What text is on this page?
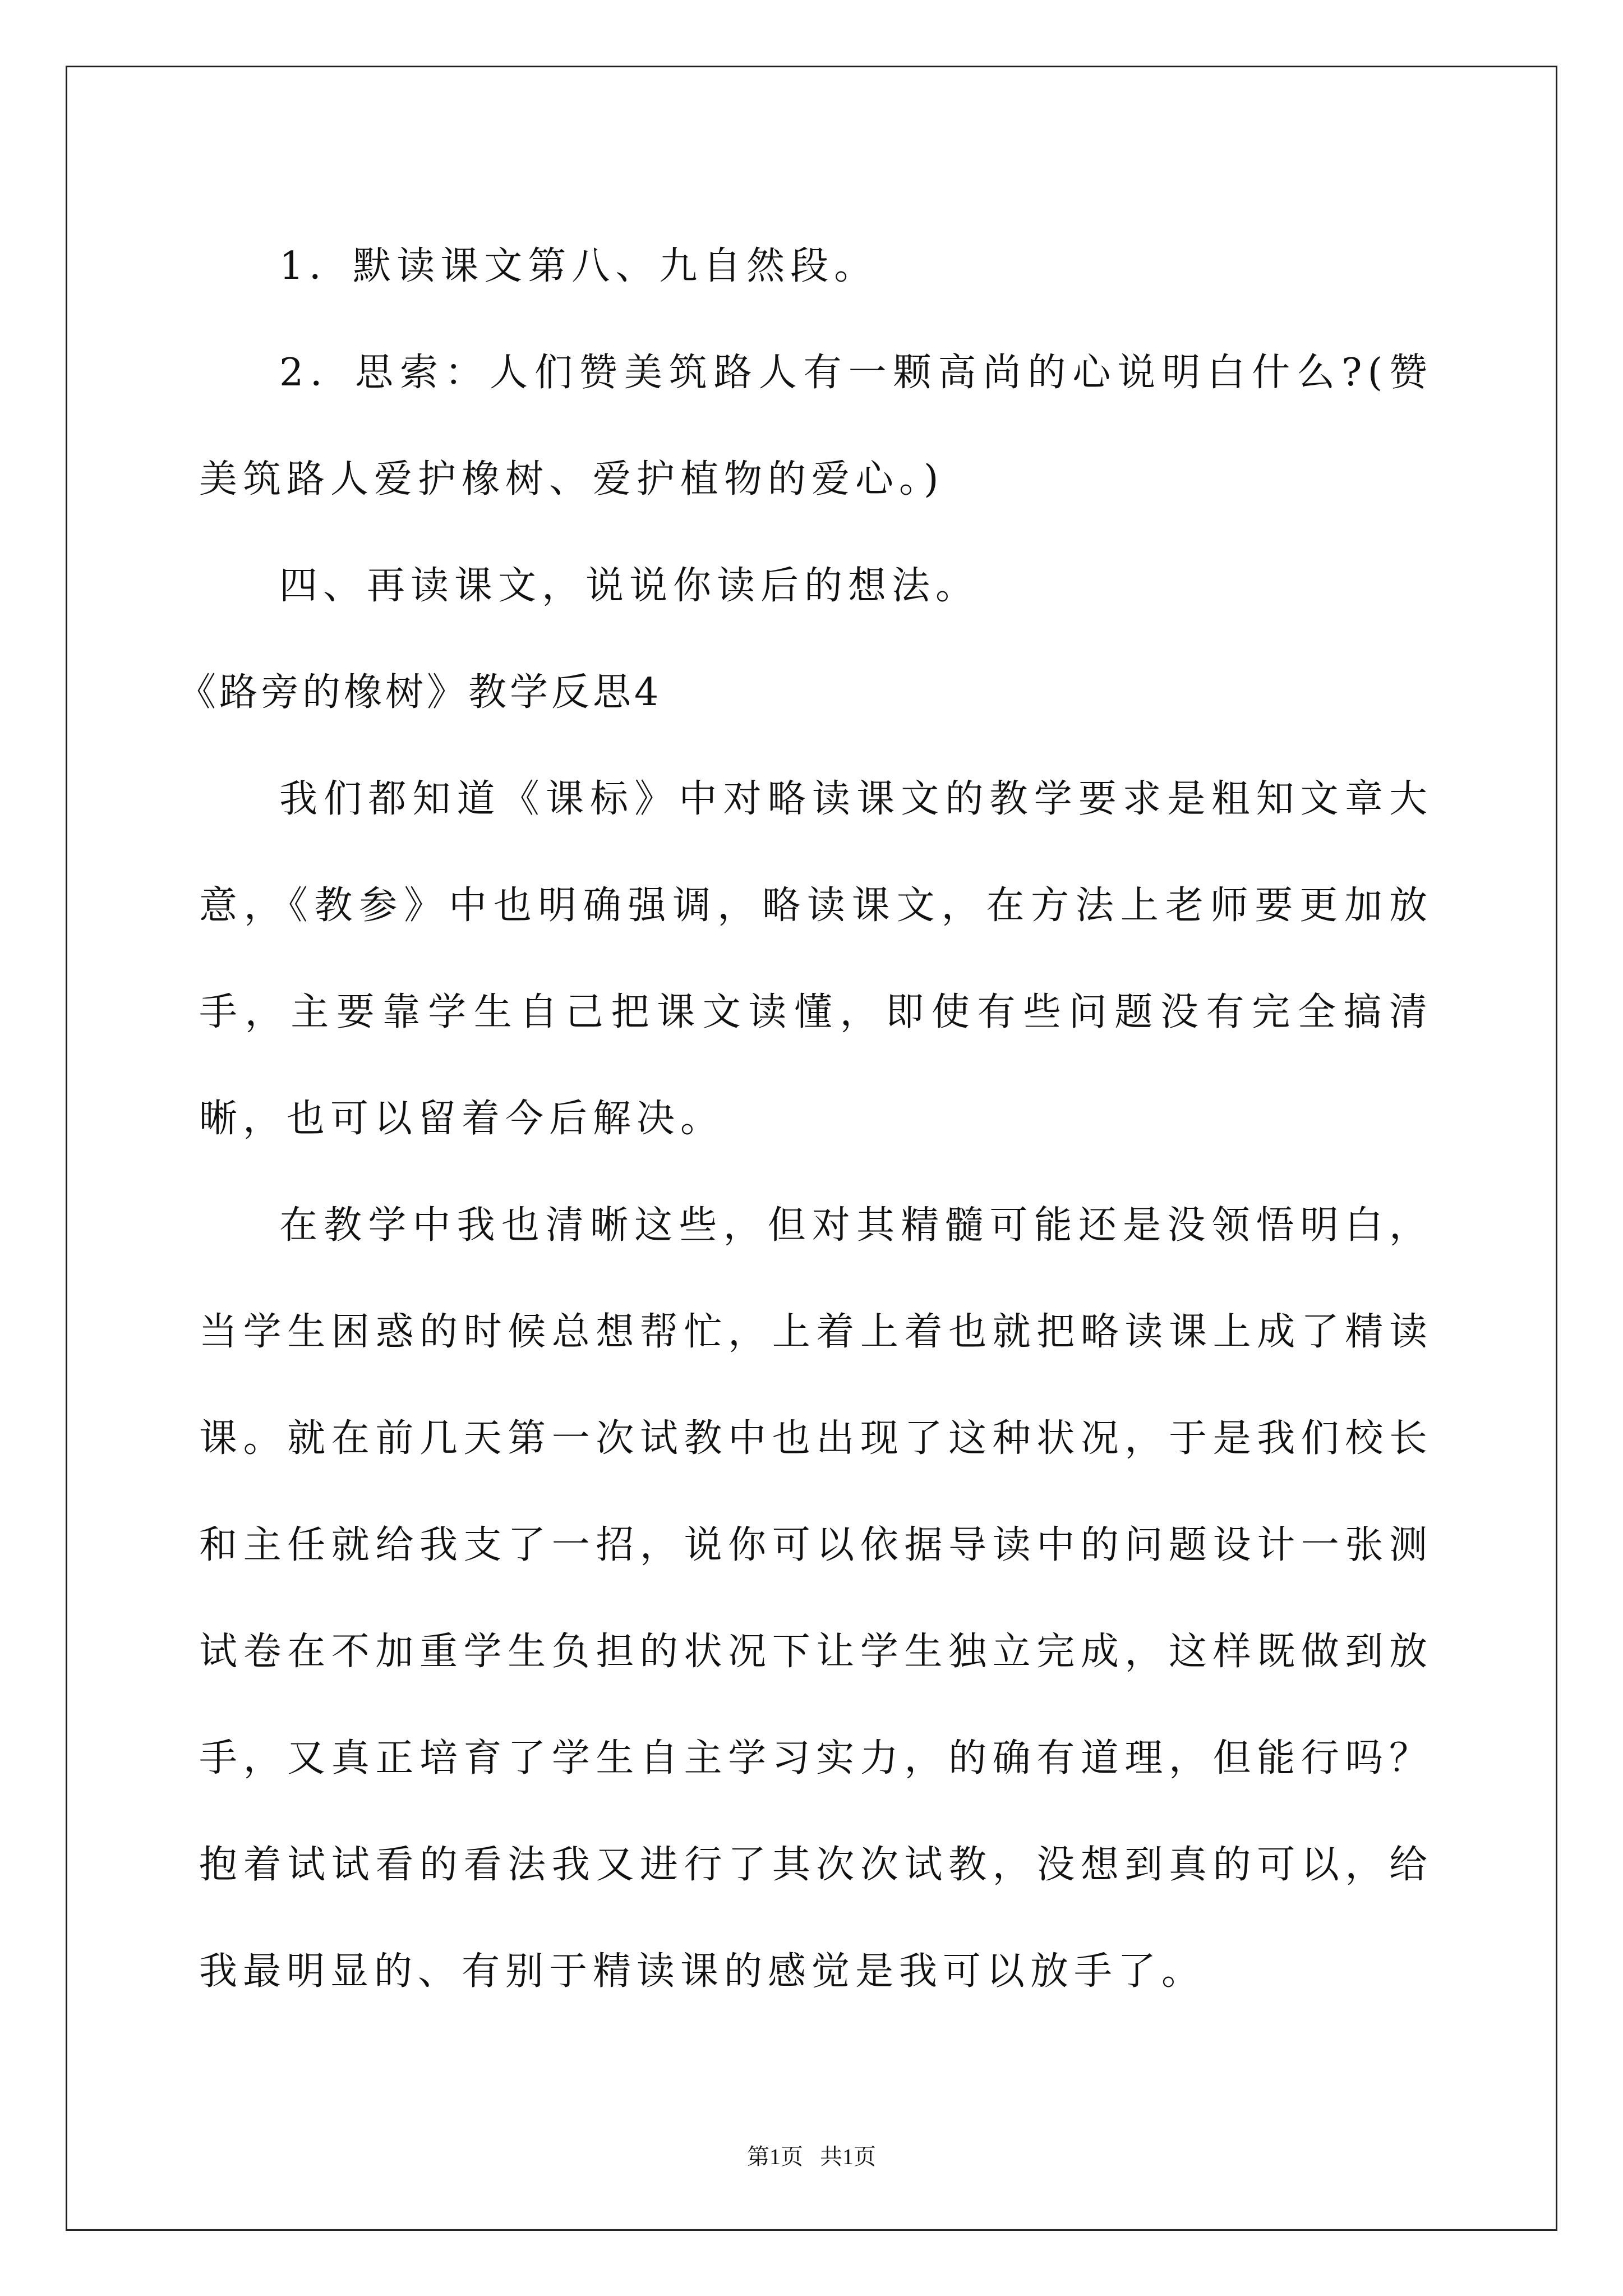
1．默读课文第八、九自然段。

2．思索：人们赞美筑路人有一颗高尚的心说明白什么?(赞美筑路人爱护橡树、爱护植物的爱心。)

四、再读课文，说说你读后的想法。

《路旁的橡树》教学反思4

我们都知道《课标》中对略读课文的教学要求是粗知文章大意，《教参》中也明确强调，略读课文，在方法上老师要更加放手，主要靠学生自己把课文读懂，即使有些问题没有完全搞清晰，也可以留着今后解决。

在教学中我也清晰这些，但对其精髓可能还是没领悟明白，当学生困惑的时候总想帮忙，上着上着也就把略读课上成了精读课。就在前几天第一次试教中也出现了这种状况，于是我们校长和主任就给我支了一招，说你可以依据导读中的问题设计一张测试卷在不加重学生负担的状况下让学生独立完成，这样既做到放手，又真正培育了学生自主学习实力，的确有道理，但能行吗？抱着试试看的看法我又进行了其次次试教，没想到真的可以，给我最明显的、有别于精读课的感觉是我可以放手了。

第1页   共1页
